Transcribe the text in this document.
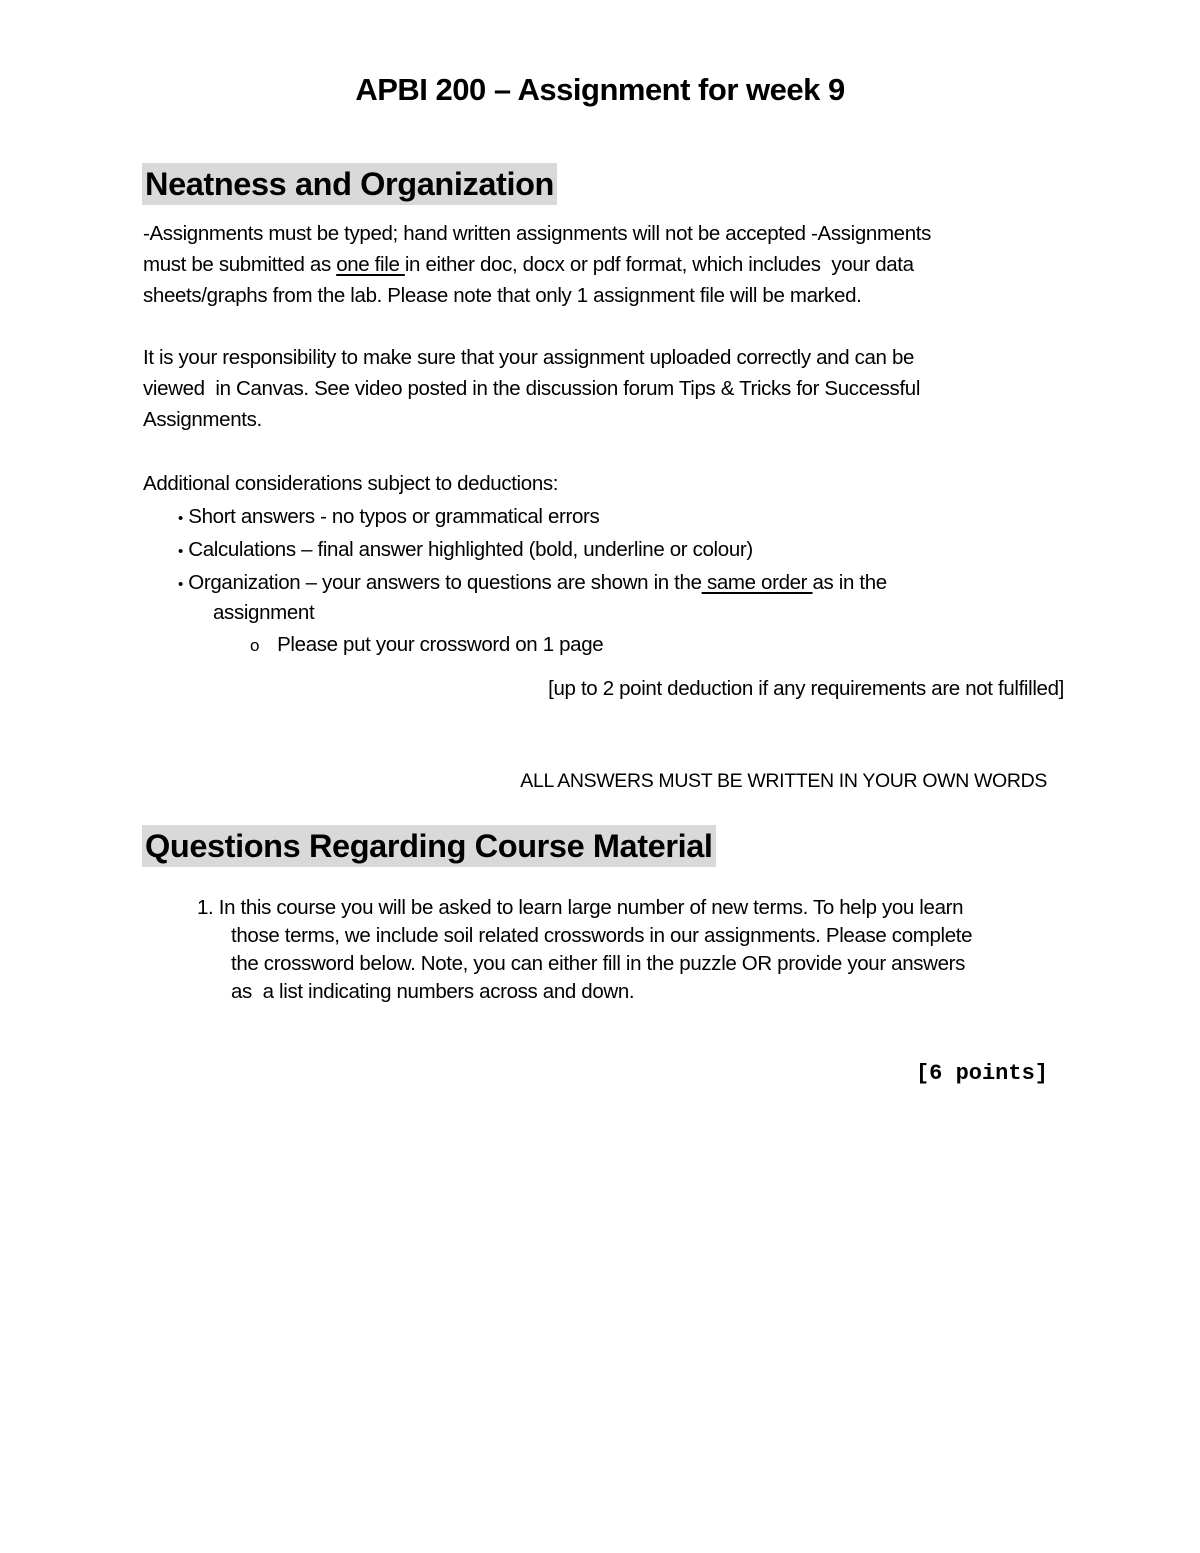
APBI 200 – Assignment for week 9
Neatness and Organization
-Assignments must be typed; hand written assignments will not be accepted -Assignments
must be submitted as one file in either doc, docx or pdf format, which includes  your data
sheets/graphs from the lab. Please note that only 1 assignment file will be marked.
It is your responsibility to make sure that your assignment uploaded correctly and can be
viewed  in Canvas. See video posted in the discussion forum Tips & Tricks for Successful
Assignments.
Additional considerations subject to deductions:
• Short answers - no typos or grammatical errors
• Calculations – final answer highlighted (bold, underline or colour)
• Organization – your answers to questions are shown in the same order as in the
assignment
o Please put your crossword on 1 page
[up to 2 point deduction if any requirements are not fulfilled]
ALL ANSWERS MUST BE WRITTEN IN YOUR OWN WORDS
Questions Regarding Course Material
1. In this course you will be asked to learn large number of new terms. To help you learn
those terms, we include soil related crosswords in our assignments. Please complete
the crossword below. Note, you can either fill in the puzzle OR provide your answers
as  a list indicating numbers across and down.
[6 points]
